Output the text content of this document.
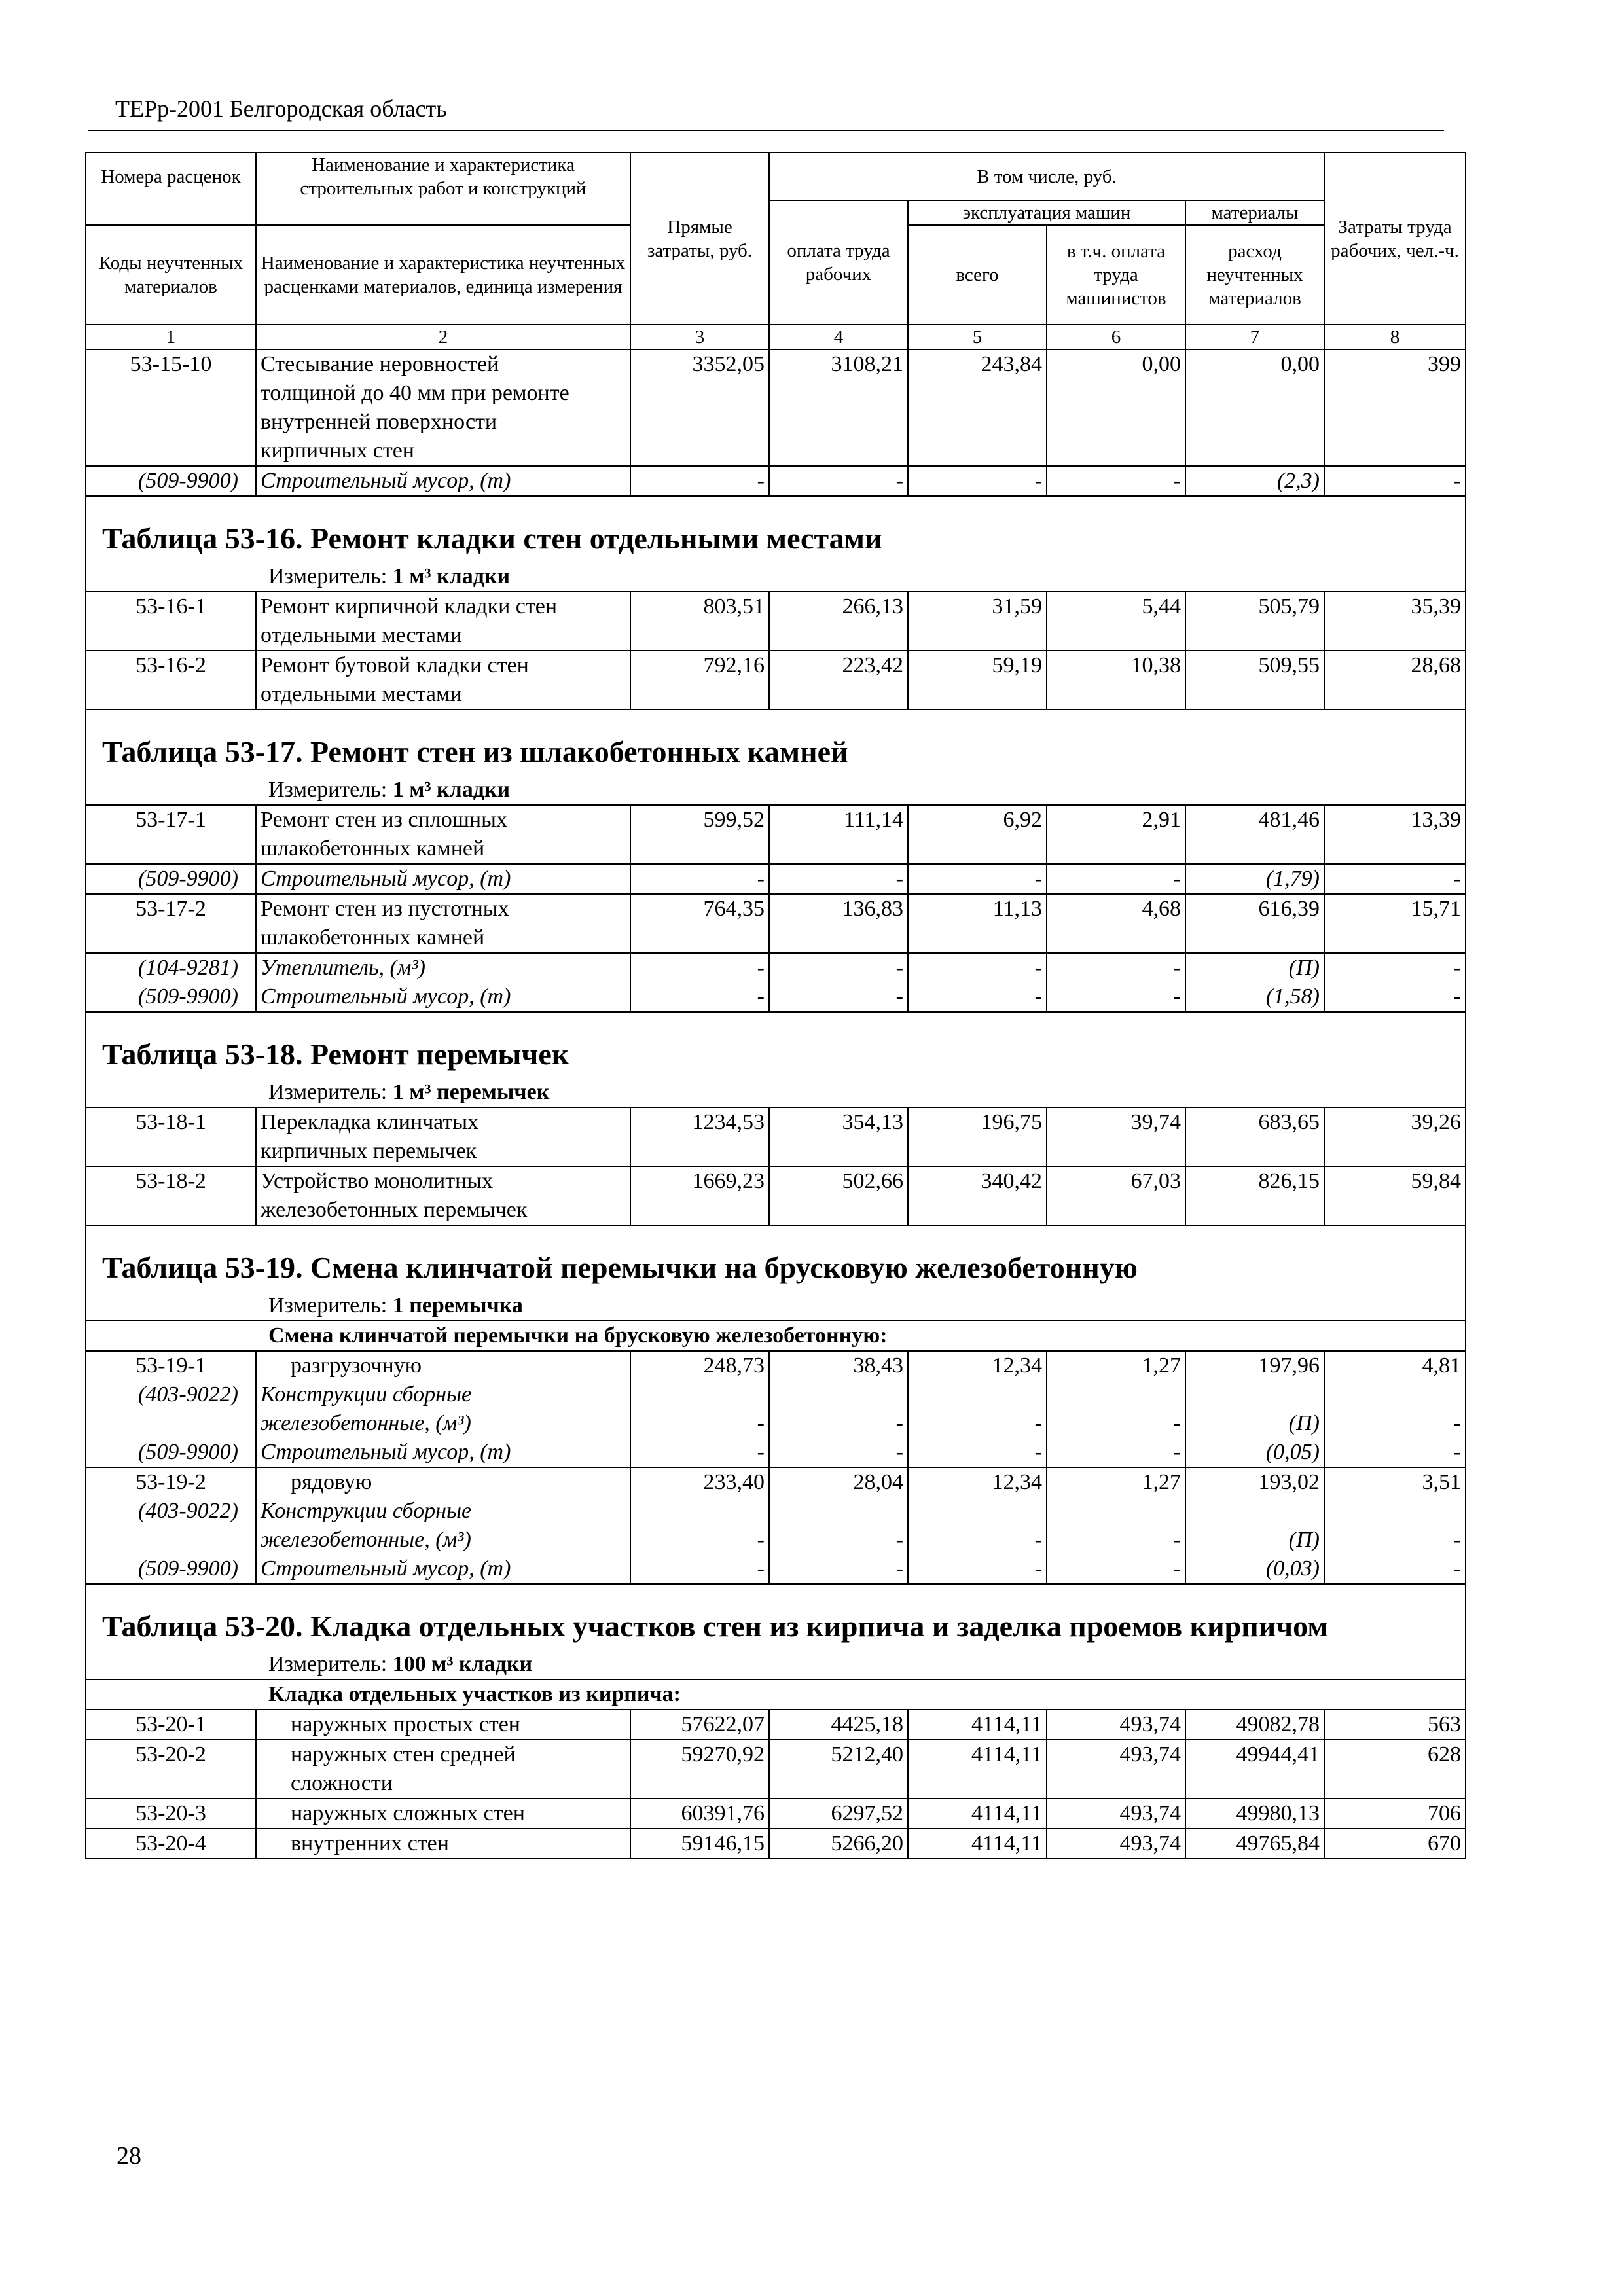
ТЕРр-2001 Белгородская область
Номера расценок	Наименование и характеристика строительных работ и конструкций	Прямые затраты, руб.	В том числе, руб.				Затраты труда рабочих, чел.-ч.
			оплата труда рабочих	эксплуатация машин		материалы	
Коды неучтенных материалов	Наименование и характеристика неучтенных расценками материалов, единица измерения			всего	в т.ч. оплата труда машинистов	расход неучтенных материалов	
1	2	3	4	5	6	7	8
53-15-10	Стесывание неровностей
толщиной до 40 мм при ремонте
внутренней поверхности
кирпичных стен	3352,05	3108,21	243,84	0,00	0,00	399
(509-9900)	Строительный мусор, (т)	-	-	-	-	(2,3)	-
Таблица 53-16. Ремонт кладки стен отдельными местами							
Измеритель: 1 м³ кладки							
53-16-1	Ремонт кирпичной кладки стен
отдельными местами	803,51	266,13	31,59	5,44	505,79	35,39
53-16-2	Ремонт бутовой кладки стен
отдельными местами	792,16	223,42	59,19	10,38	509,55	28,68
Таблица 53-17. Ремонт стен из шлакобетонных камней							
Измеритель: 1 м³ кладки							
53-17-1	Ремонт стен из сплошных
шлакобетонных камней	599,52	111,14	6,92	2,91	481,46	13,39
(509-9900)	Строительный мусор, (т)	-	-	-	-	(1,79)	-
53-17-2	Ремонт стен из пустотных
шлакобетонных камней	764,35	136,83	11,13	4,68	616,39	15,71
(104-9281)	Утеплитель, (м³)	-	-	-	-	(П)	-
(509-9900)	Строительный мусор, (т)	-	-	-	-	(1,58)	-
Таблица 53-18. Ремонт перемычек							
Измеритель: 1 м³ перемычек							
53-18-1	Перекладка клинчатых
кирпичных перемычек	1234,53	354,13	196,75	39,74	683,65	39,26
53-18-2	Устройство монолитных
железобетонных перемычек	1669,23	502,66	340,42	67,03	826,15	59,84
Таблица 53-19. Смена клинчатой перемычки на брусковую железобетонную							
Измеритель: 1 перемычка							
Смена клинчатой перемычки на брусковую железобетонную:							
53-19-1	разгрузочную	248,73	38,43	12,34	1,27	197,96	4,81
(403-9022)	Конструкции сборные
железобетонные, (м³)	-	-	-	-	(П)	-
(509-9900)	Строительный мусор, (т)	-	-	-	-	(0,05)	-
53-19-2	рядовую	233,40	28,04	12,34	1,27	193,02	3,51
(403-9022)	Конструкции сборные
железобетонные, (м³)	-	-	-	-	(П)	-
(509-9900)	Строительный мусор, (т)	-	-	-	-	(0,03)	-
Таблица 53-20. Кладка отдельных участков стен из кирпича и заделка проемов кирпичом							
Измеритель: 100 м³ кладки							
Кладка отдельных участков из кирпича:							
53-20-1	наружных простых стен	57622,07	4425,18	4114,11	493,74	49082,78	563
53-20-2	наружных стен средней
сложности	59270,92	5212,40	4114,11	493,74	49944,41	628
53-20-3	наружных сложных стен	60391,76	6297,52	4114,11	493,74	49980,13	706
53-20-4	внутренних стен	59146,15	5266,20	4114,11	493,74	49765,84	670
28
